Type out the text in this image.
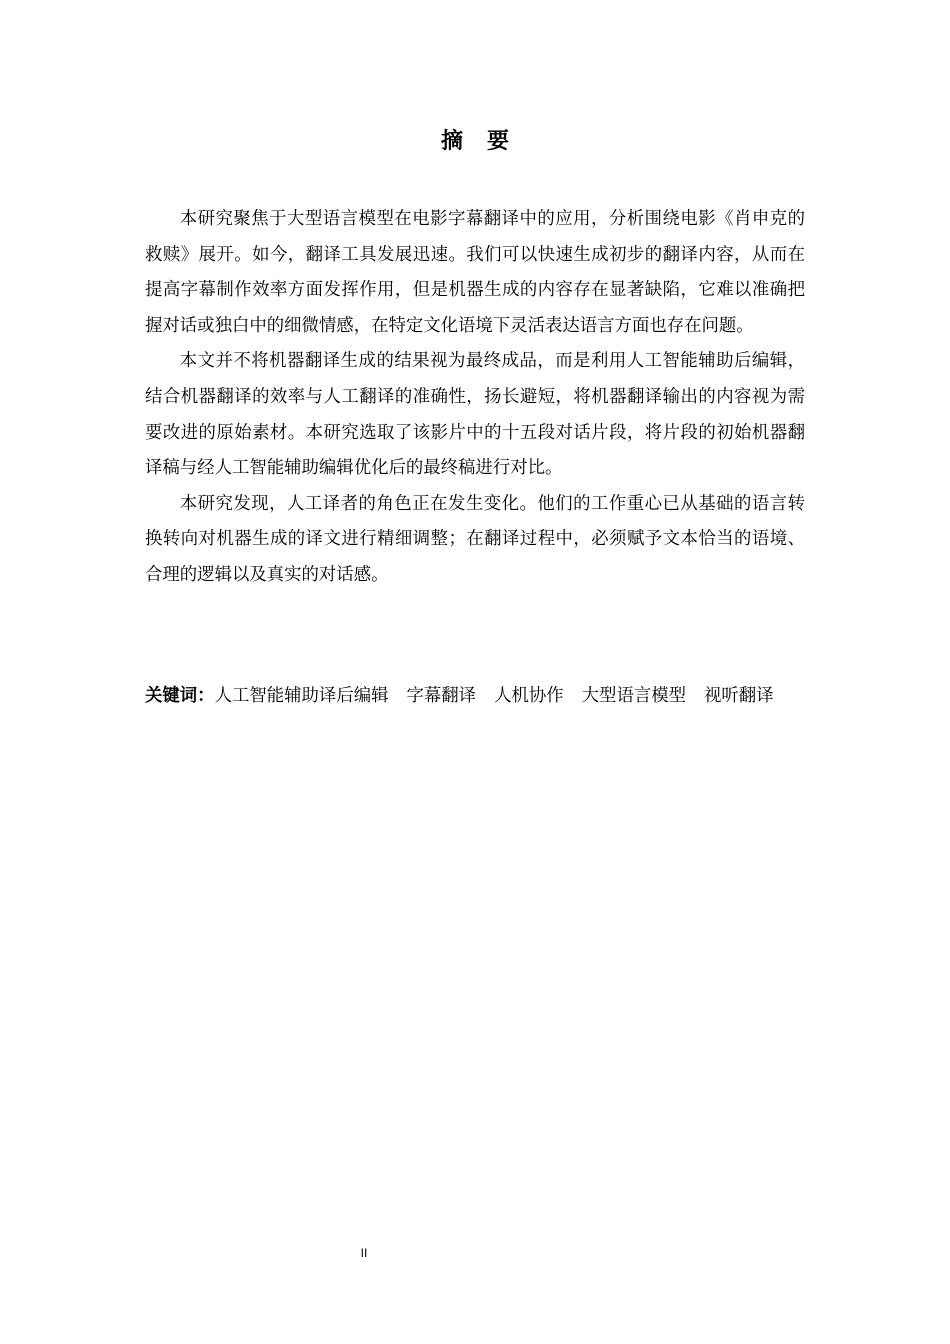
摘要

本研究聚焦于大型语言模型在电影字幕翻译中的应用，分析围绕电影《肖申克的救赎》展开。如今，翻译工具发展迅速。我们可以快速生成初步的翻译内容，从而在提高字幕制作效率方面发挥作用，但是机器生成的内容存在显著缺陷，它难以准确把握对话或独白中的细微情感，在特定文化语境下灵活表达语言方面也存在问题。

本文并不将机器翻译生成的结果视为最终成品，而是利用人工智能辅助后编辑，结合机器翻译的效率与人工翻译的准确性，扬长避短，将机器翻译输出的内容视为需要改进的原始素材。本研究选取了该影片中的十五段对话片段，将片段的初始机器翻译稿与经人工智能辅助编辑优化后的最终稿进行对比。

本研究发现，人工译者的角色正在发生变化。他们的工作重心已从基础的语言转换转向对机器生成的译文进行精细调整；在翻译过程中，必须赋予文本恰当的语境、合理的逻辑以及真实的对话感。

关键词：人工智能辅助译后编辑 字幕翻译 人机协作 大型语言模型 视听翻译
II
